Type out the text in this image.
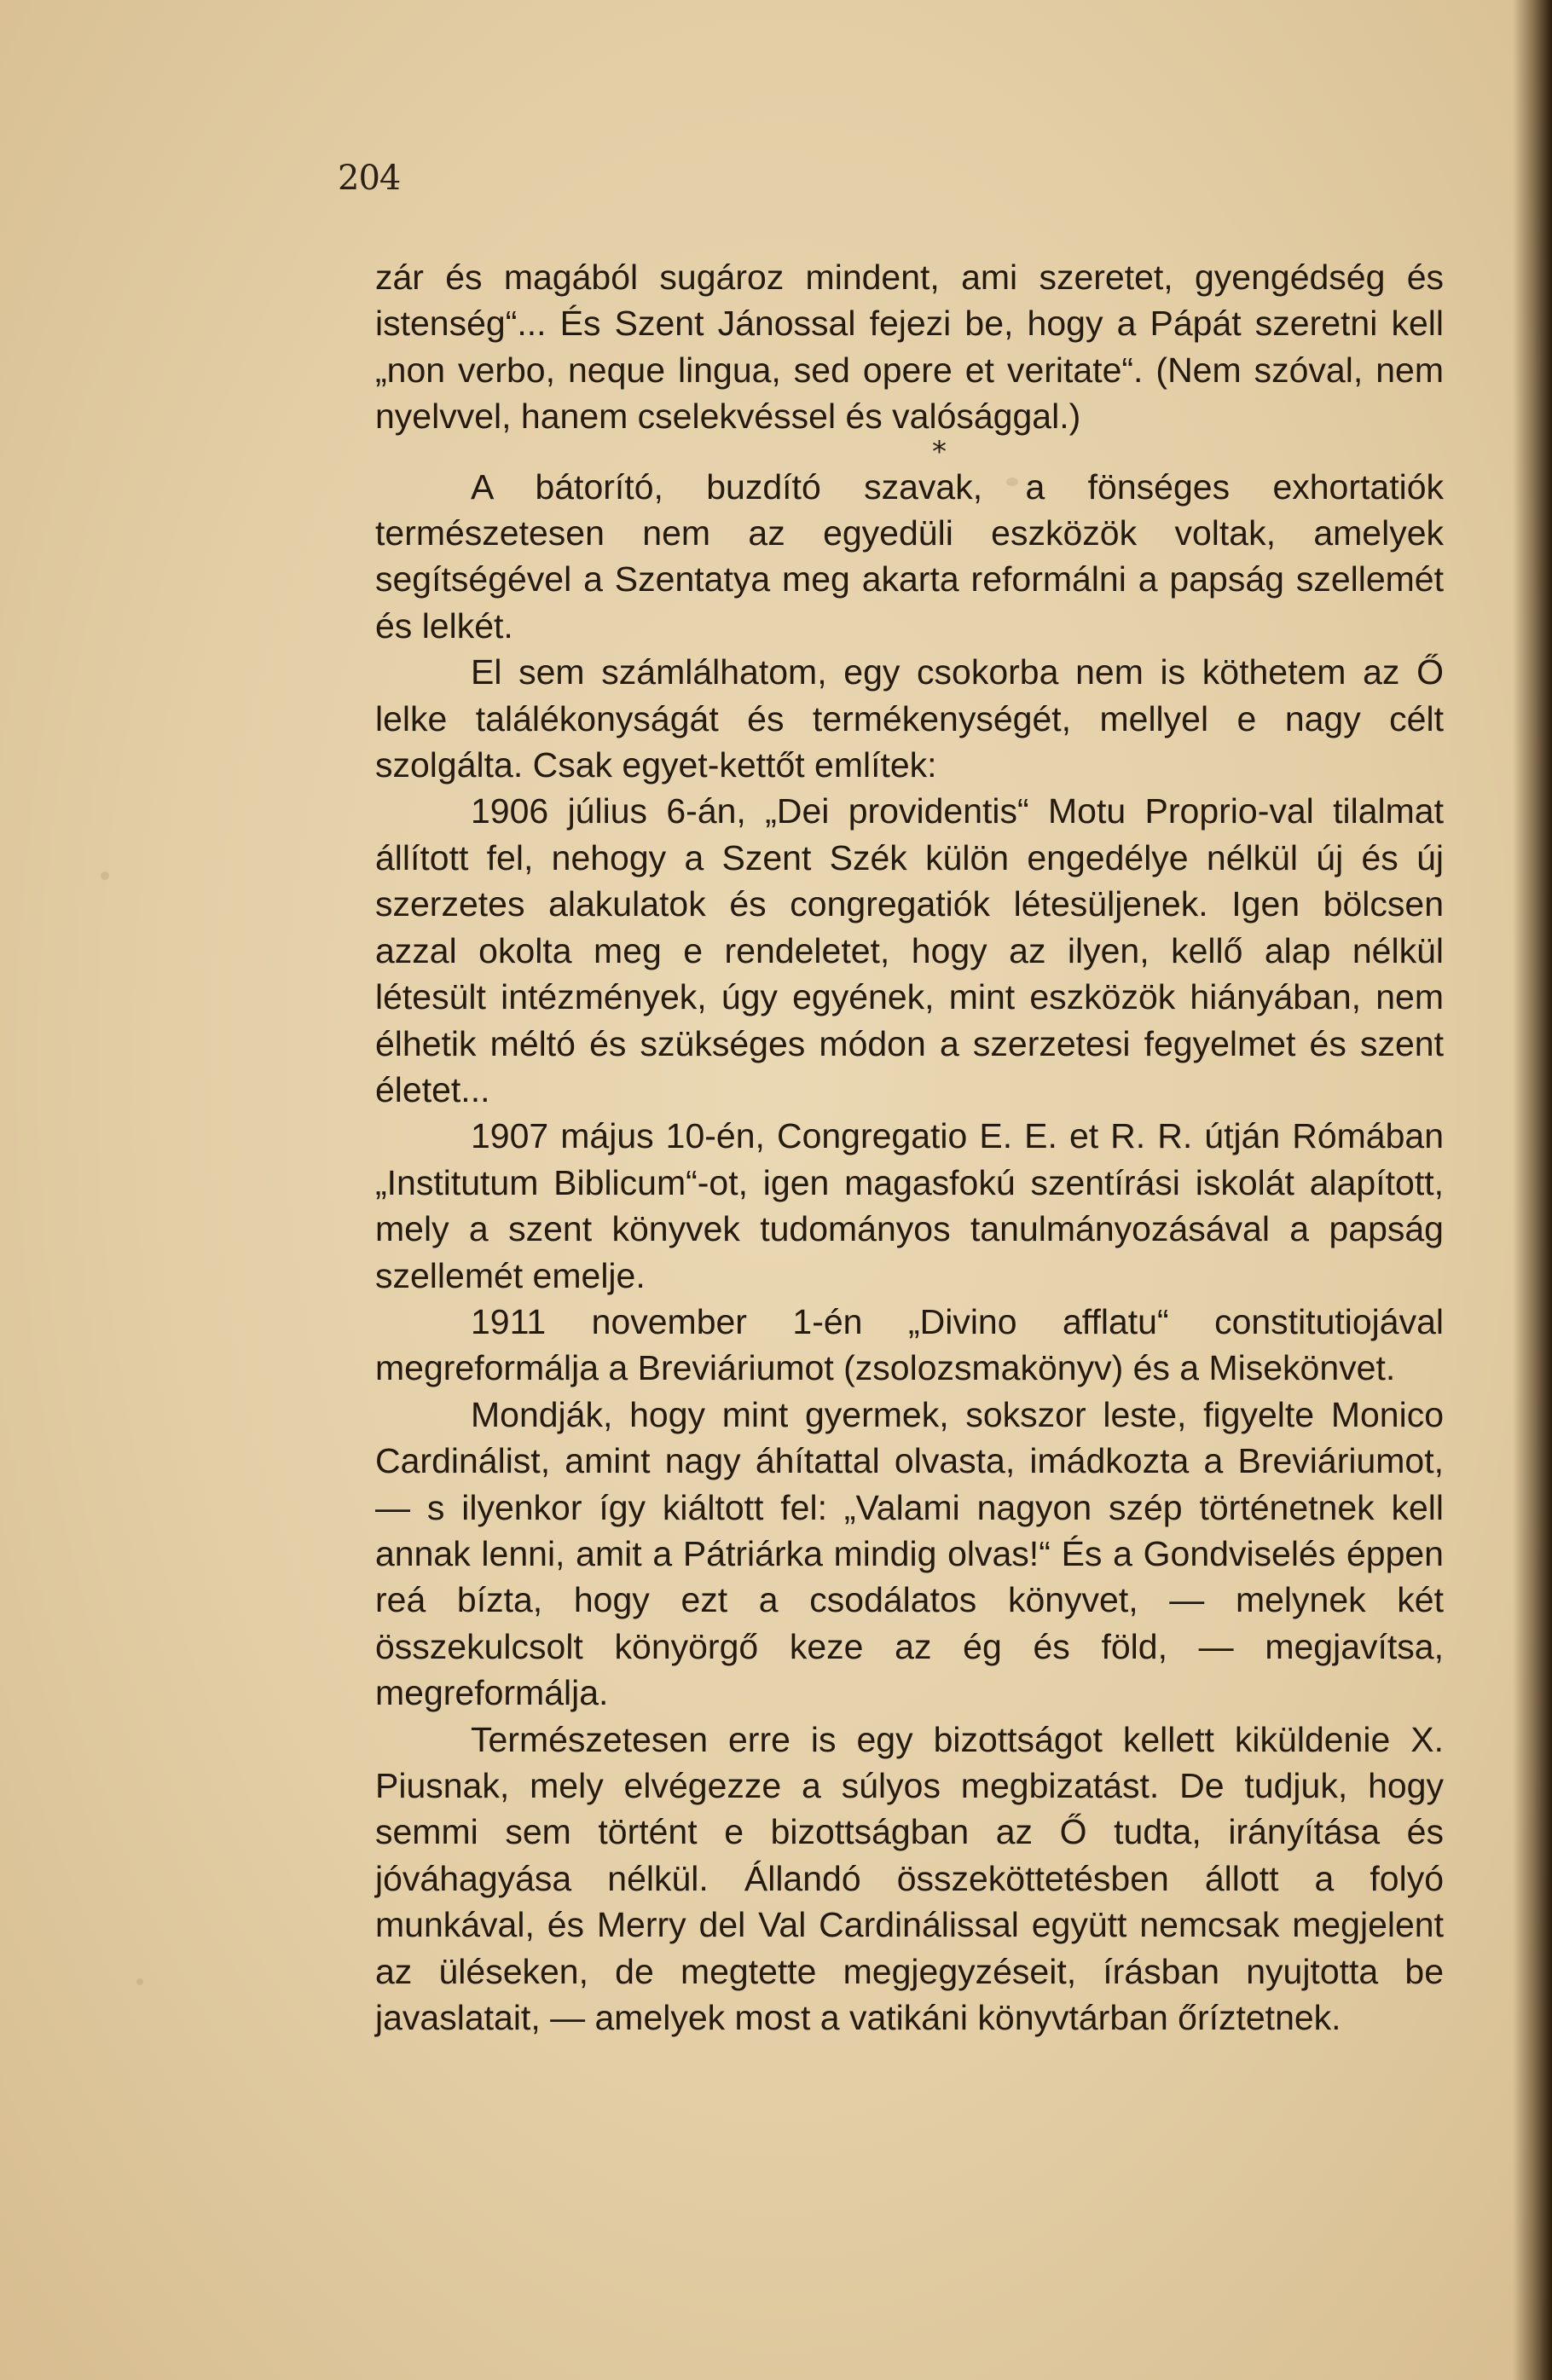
204

zár és magából sugároz mindent, ami szeretet, gyengédség és istenség“... És Szent Jánossal fejezi be, hogy a Pápát szeretni kell „non verbo, neque lingua, sed opere et veritate“. (Nem szóval, nem nyelvvel, hanem cselekvéssel és valósággal.)

*

A bátorító, buzdító szavak, a fönséges exhortatiók természetesen nem az egyedüli eszközök voltak, amelyek segítségével a Szentatya meg akarta reformálni a papság szellemét és lelkét.

El sem számlálhatom, egy csokorba nem is köthetem az Ő lelke találékonyságát és termékenységét, mellyel e nagy célt szolgálta. Csak egyet-kettőt említek:

1906 július 6-án, „Dei providentis“ Motu Proprio-val tilalmat állított fel, nehogy a Szent Szék külön engedélye nélkül új és új szerzetes alakulatok és congregatiók létesüljenek. Igen bölcsen azzal okolta meg e rendeletet, hogy az ilyen, kellő alap nélkül létesült intézmények, úgy egyének, mint eszközök hiányában, nem élhetik méltó és szükséges módon a szerzetesi fegyelmet és szent életet...

1907 május 10-én, Congregatio E. E. et R. R. útján Rómában „Institutum Biblicum“-ot, igen magasfokú szentírási iskolát alapított, mely a szent könyvek tudományos tanulmányozásával a papság szellemét emelje.

1911 november 1-én „Divino afflatu“ constitutiojával megreformálja a Breviáriumot (zsolozsmakönyv) és a Misekönvet.

Mondják, hogy mint gyermek, sokszor leste, figyelte Monico Cardinálist, amint nagy áhítattal olvasta, imádkozta a Breviáriumot, — s ilyenkor így kiáltott fel: „Valami nagyon szép történetnek kell annak lenni, amit a Pátriárka mindig olvas!“ És a Gondviselés éppen reá bízta, hogy ezt a csodálatos könyvet, — melynek két összekulcsolt könyörgő keze az ég és föld, — megjavítsa, megreformálja.

Természetesen erre is egy bizottságot kellett kiküldenie X. Piusnak, mely elvégezze a súlyos megbizatást. De tudjuk, hogy semmi sem történt e bizottságban az Ő tudta, irányítása és jóváhagyása nélkül. Állandó összeköttetésben állott a folyó munkával, és Merry del Val Cardinálissal együtt nemcsak megjelent az üléseken, de megtette megjegyzéseit, írásban nyujtotta be javaslatait, — amelyek most a vatikáni könyvtárban őríztetnek.
